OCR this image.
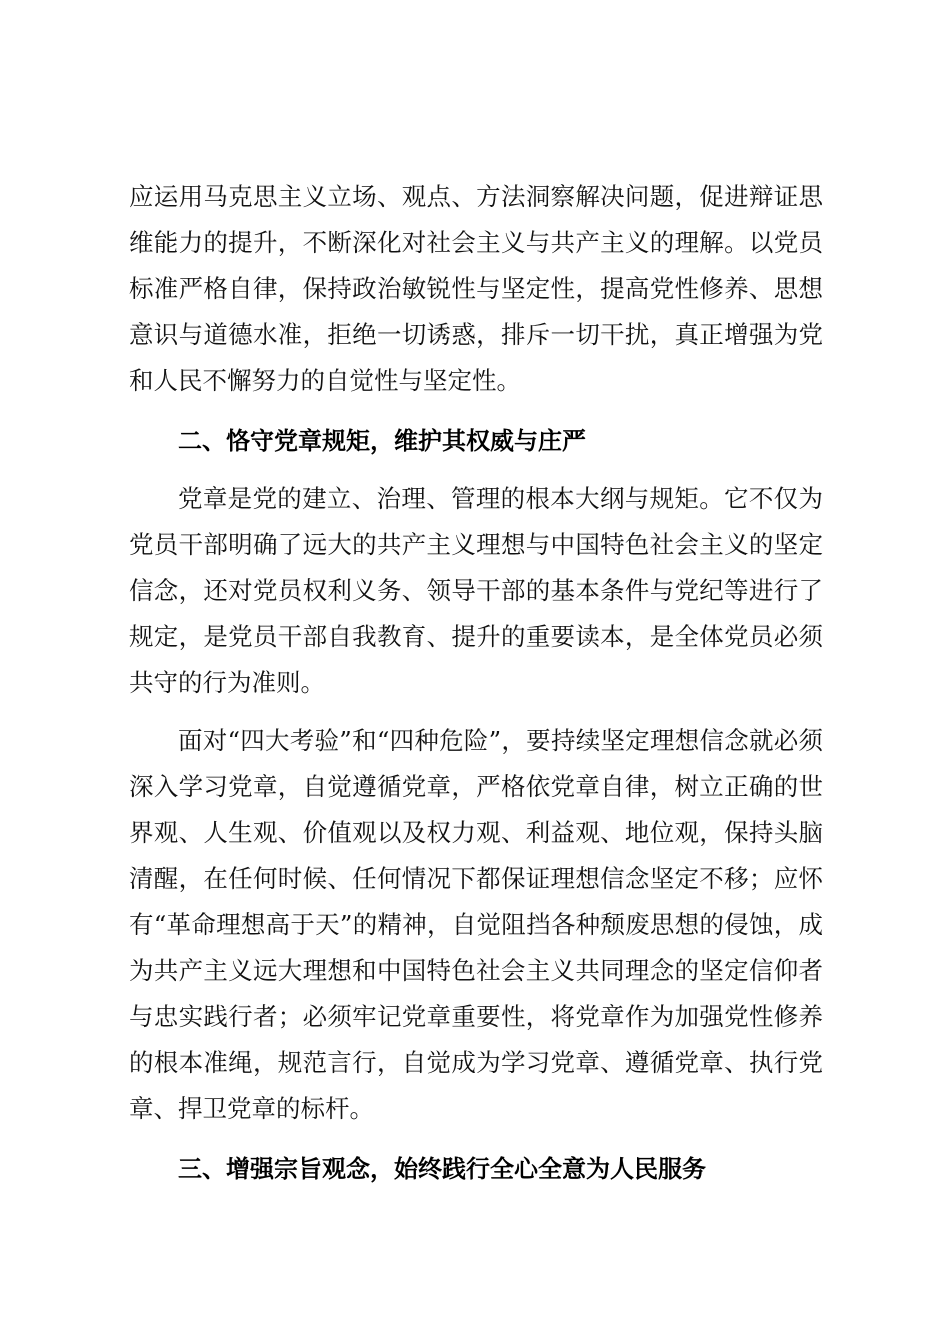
应运用马克思主义立场、观点、方法洞察解决问题，促进辩证思维能力的提升，不断深化对社会主义与共产主义的理解。以党员标准严格自律，保持政治敏锐性与坚定性，提高党性修养、思想意识与道德水准，拒绝一切诱惑，排斥一切干扰，真正增强为党和人民不懈努力的自觉性与坚定性。

二、恪守党章规矩，维护其权威与庄严

党章是党的建立、治理、管理的根本大纲与规矩。它不仅为党员干部明确了远大的共产主义理想与中国特色社会主义的坚定信念，还对党员权利义务、领导干部的基本条件与党纪等进行了规定，是党员干部自我教育、提升的重要读本，是全体党员必须共守的行为准则。

面对“四大考验”和“四种危险”，要持续坚定理想信念就必须深入学习党章，自觉遵循党章，严格依党章自律，树立正确的世界观、人生观、价值观以及权力观、利益观、地位观，保持头脑清醒，在任何时候、任何情况下都保证理想信念坚定不移；应怀有“革命理想高于天”的精神，自觉阻挡各种颓废思想的侵蚀，成为共产主义远大理想和中国特色社会主义共同理念的坚定信仰者与忠实践行者；必须牢记党章重要性，将党章作为加强党性修养的根本准绳，规范言行，自觉成为学习党章、遵循党章、执行党章、捍卫党章的标杆。

三、增强宗旨观念，始终践行全心全意为人民服务
